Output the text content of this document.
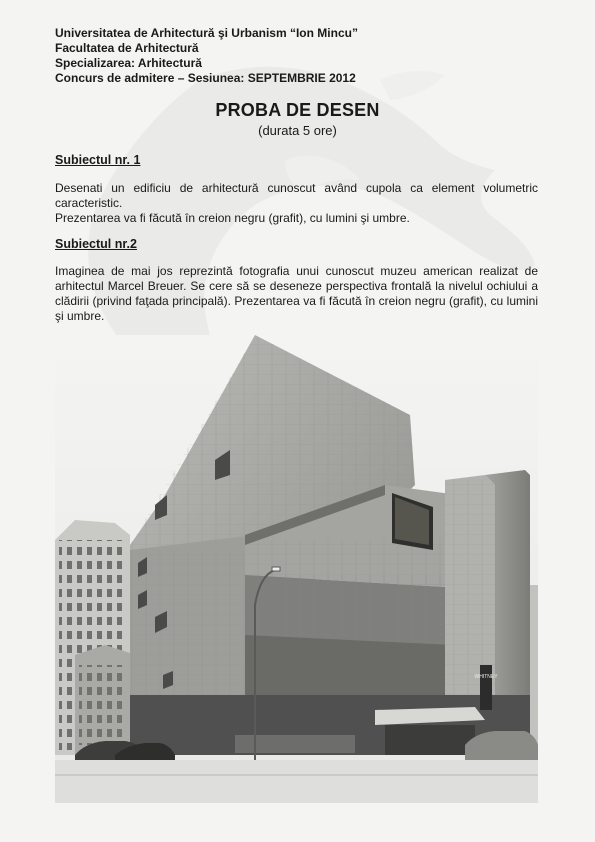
Universitatea de Arhitectură şi Urbanism “Ion Mincu”
Facultatea de Arhitectură
Specializarea: Arhitectură
Concurs de admitere – Sesiunea: SEPTEMBRIE 2012
PROBA DE DESEN
(durata 5 ore)
Subiectul nr. 1

Desenati un edificiu de arhitectură cunoscut având cupola ca element volumetric caracteristic.

Prezentarea va fi făcută în creion negru (grafit), cu lumini şi umbre.

Subiectul nr.2

Imaginea de mai jos reprezintă fotografia unui cunoscut muzeu american realizat de arhitectul Marcel Breuer. Se cere să se deseneze perspectiva frontală la nivelul ochiului a clădirii (privind faţada principală). Prezentarea va fi făcută în creion negru (grafit), cu lumini şi umbre.

WHITNEY
